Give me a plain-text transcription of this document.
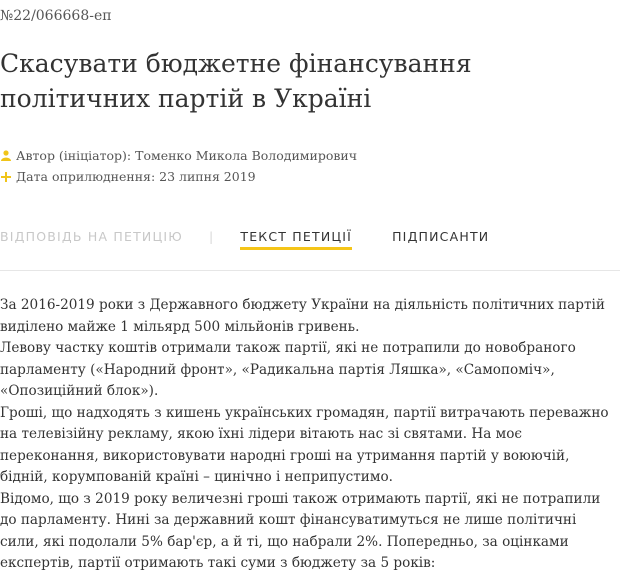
№22/066668-еп
Скасувати бюджетне фінансування політичних партій в Україні
Автор (ініціатор): Томенко Микола Володимирович
Дата оприлюднення: 23 липня 2019
ВІДПОВІДЬ НА ПЕТИЦІЮ | ТЕКСТ ПЕТИЦІЇ	ПІДПИСАНТИ

За 2016-2019 роки з Державного бюджету України на діяльність політичних партій виділено майже 1 мільярд 500 мільйонів гривень.

Левову частку коштів отримали також партії, які не потрапили до новобраного парламенту («Народний фронт», «Радикальна партія Ляшка», «Самопоміч», «Опозиційний блок»).

Гроші, що надходять з кишень українських громадян, партії витрачають переважно на телевізійну рекламу, якою їхні лідери вітають нас зі святами. На моє переконання, використовувати народні гроші на утримання партій у воюючій, бідній, корумпованій країні – цинічно і неприпустимо.

Відомо, що з 2019 року величезні гроші також отримають партії, які не потрапили до парламенту. Нині за державний кошт фінансуватимуться не лише політичні сили, які подолали 5% бар'єр, а й ті, що набрали 2%. Попередньо, за оцінками експертів, партії отримають такі суми з бюджету за 5 років:
